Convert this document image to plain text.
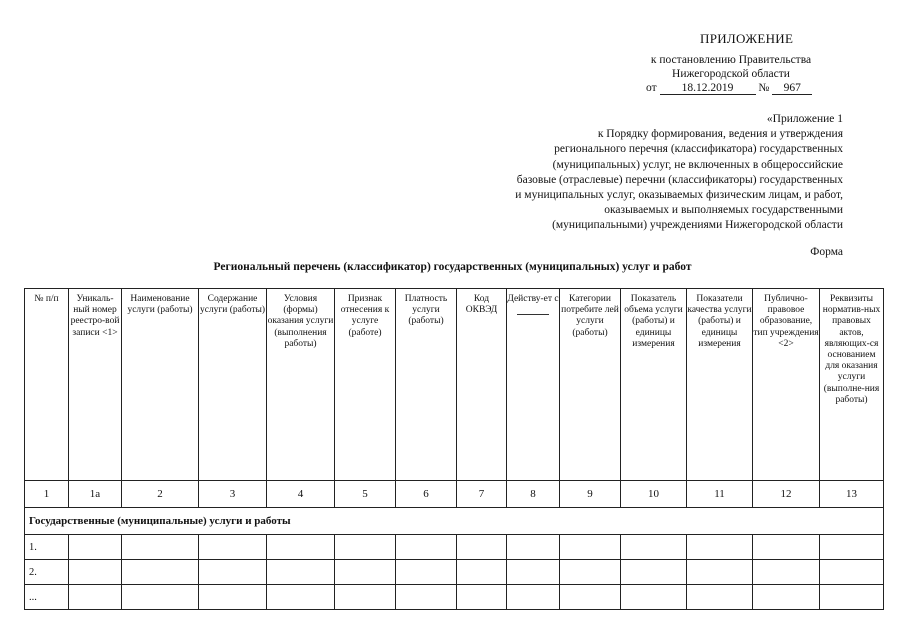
ПРИЛОЖЕНИЕ
к постановлению Правительства
Нижегородской области
от 18.12.2019 № 967
«Приложение 1
к Порядку формирования, ведения и утверждения
регионального перечня (классификатора) государственных
(муниципальных) услуг, не включенных в общероссийские
базовые (отраслевые) перечни (классификаторы) государственных
и муниципальных услуг, оказываемых физическим лицам, и работ,
оказываемых и выполняемых государственными
(муниципальными) учреждениями Нижегородской области
Форма
Региональный перечень (классификатор) государственных (муниципальных) услуг и работ
№ п/п	Уникаль-ный номер реестро-вой записи <1>	Наименование услуги (работы)	Содержание услуги (работы)	Условия (формы) оказания услуги (выполнения работы)	Признак отнесения к услуге (работе)	Платность услуги (работы)	Код ОКВЭД	Действу-ет с	Категории потребите лей услуги (работы)	Показатель объема услуги (работы) и единицы измерения	Показатели качества услуги (работы) и единицы измерения	Публично-правовое образование, тип учреждения <2>	Реквизиты норматив-ных правовых актов, являющих-ся основанием для оказания услуги (выполне-ния работы)
1	1а	2	3	4	5	6	7	8	9	10	11	12	13
Государственные (муниципальные) услуги и работы													
1.													
2.													
...													
